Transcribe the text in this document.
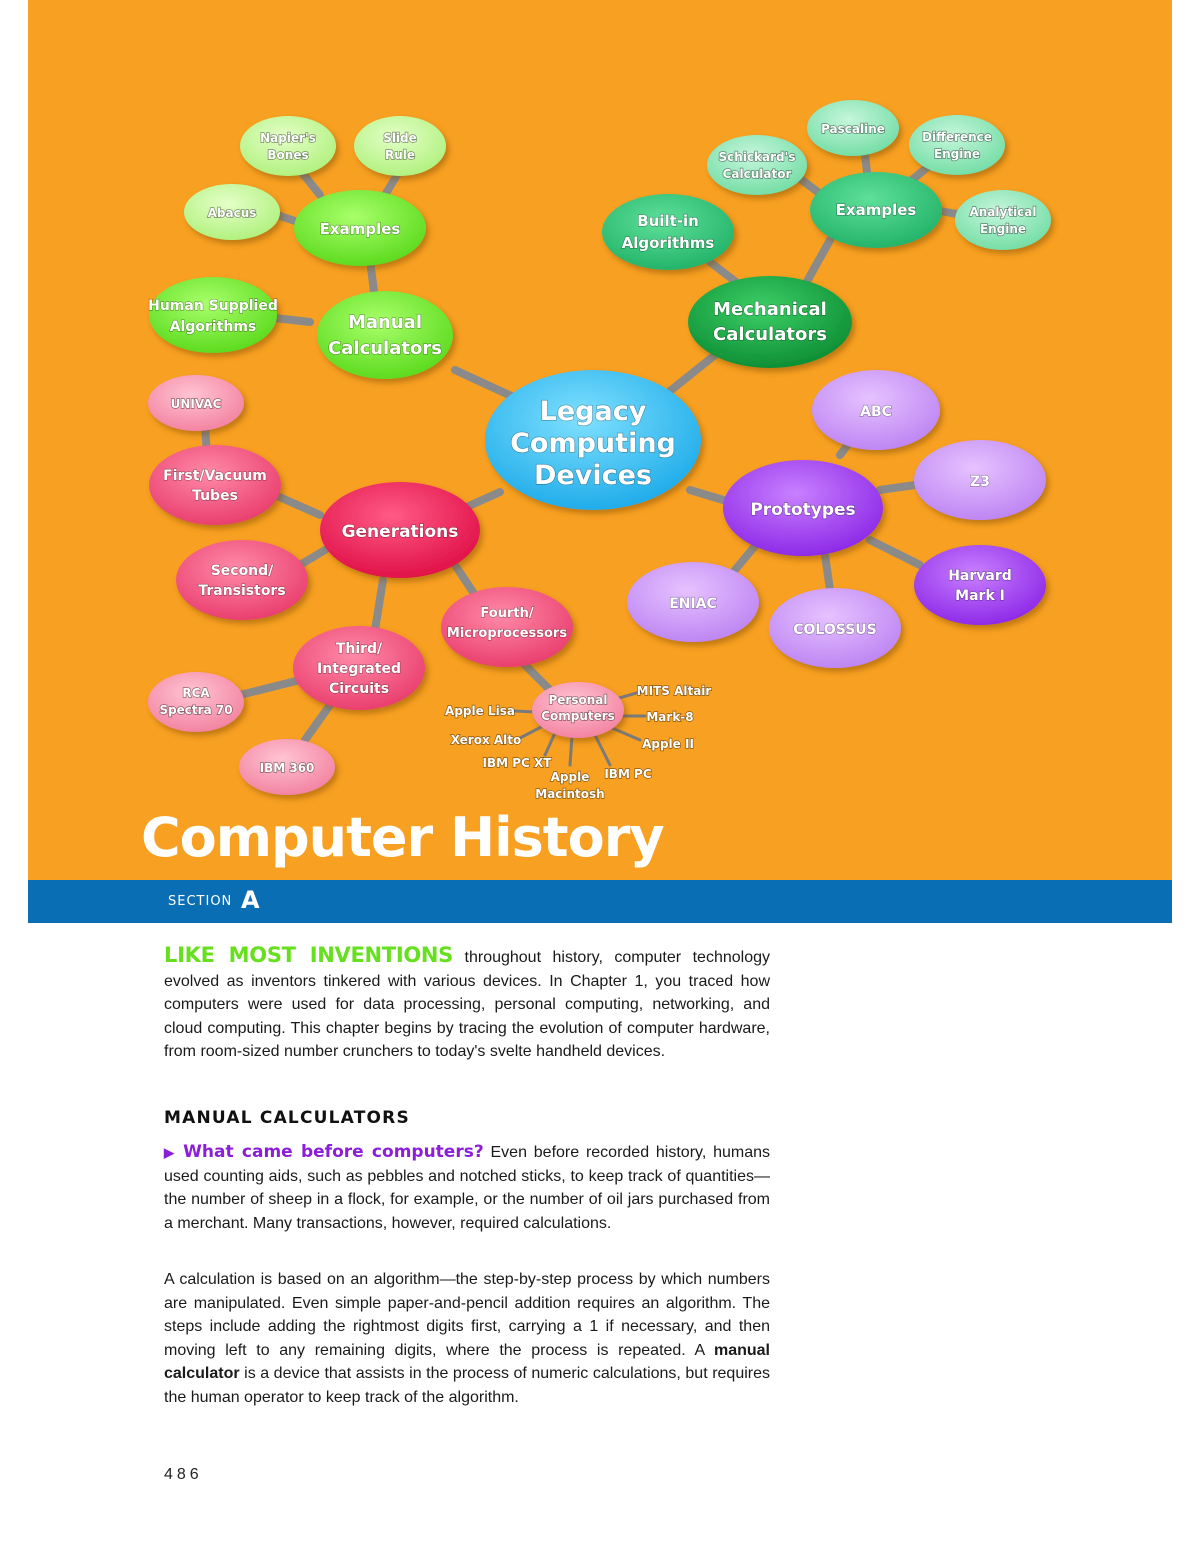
Legacy
Computing
Devices
Manual
Calculators
Examples
Napier's
Bones
Slide
Rule
Abacus
Human Supplied
Algorithms
Mechanical
Calculators
Built-in
Algorithms
Examples
Pascaline
Schickard's
Calculator
Difference
Engine
Analytical
Engine
Prototypes
ABC
Z3
Harvard
Mark I
COLOSSUS
ENIAC
Generations
UNIVAC
First/Vacuum
Tubes
Second/
Transistors
Third/
Integrated
Circuits
RCA
Spectra 70
IBM 360
Fourth/
Microprocessors
Personal
Computers
Apple Lisa
Xerox Alto
IBM PC XT
Apple
Macintosh
IBM PC
Apple II
Mark-8
MITS Altair
Computer History
SECTION A

LIKE MOST INVENTIONS throughout history, computer technology evolved as inventors tinkered with various devices. In Chapter 1, you traced how computers were used for data processing, personal computing, networking, and cloud computing. This chapter begins by tracing the evolution of computer hardware, from room-sized number crunchers to today's svelte handheld devices.

MANUAL CALCULATORS

▶ What came before computers? Even before recorded history, humans used counting aids, such as pebbles and notched sticks, to keep track of quantities—the number of sheep in a flock, for example, or the number of oil jars purchased from a merchant. Many transactions, however, required calculations.

A calculation is based on an algorithm—the step-by-step process by which numbers are manipulated. Even simple paper-and-pencil addition requires an algorithm. The steps include adding the rightmost digits first, carrying a 1 if necessary, and then moving left to any remaining digits, where the process is repeated. A manual calculator is a device that assists in the process of numeric calculations, but requires the human operator to keep track of the algorithm.

486
